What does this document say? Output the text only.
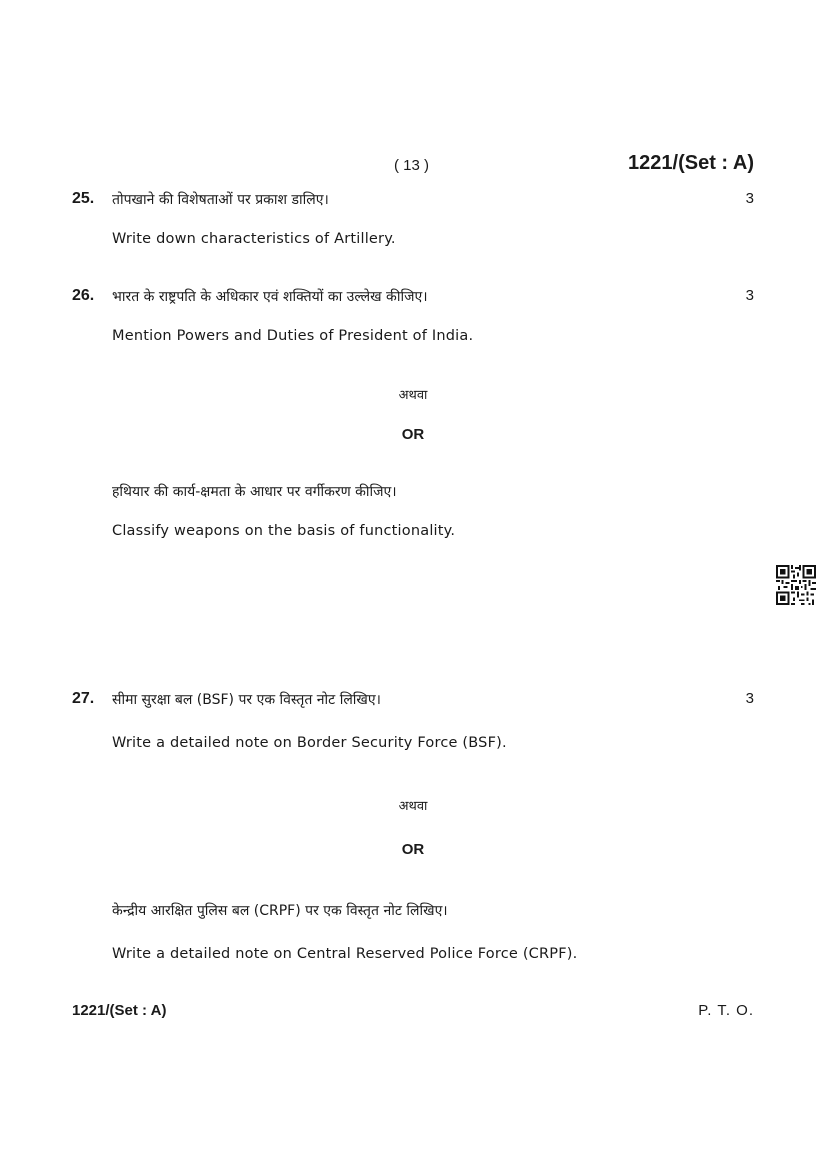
( 13 )	1221/(Set : A)
25. तोपखाने की विशेषताओं पर प्रकाश डालिए।	3
Write down characteristics of Artillery.
26. भारत के राष्ट्रपति के अधिकार एवं शक्तियों का उल्लेख कीजिए।	3
Mention Powers and Duties of President of India.
अथवा
OR
हथियार की कार्य-क्षमता के आधार पर वर्गीकरण कीजिए।
Classify weapons on the basis of functionality.
27. सीमा सुरक्षा बल (BSF) पर एक विस्तृत नोट लिखिए।	3
Write a detailed note on Border Security Force (BSF).
अथवा
OR
केन्द्रीय आरक्षित पुलिस बल (CRPF) पर एक विस्तृत नोट लिखिए।
Write a detailed note on Central Reserved Police Force (CRPF).
1221/(Set : A)	P. T. O.
